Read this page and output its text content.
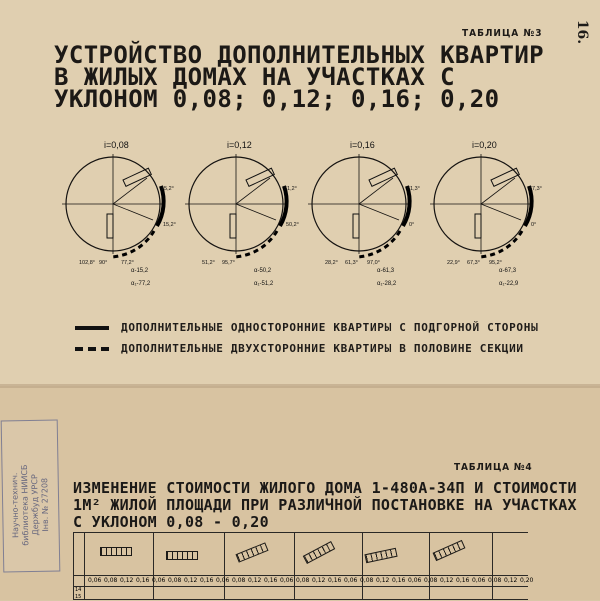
ТАБЛИЦА №3 16.
УСТРОЙСТВО ДОПОЛНИТЕЛЬНЫХ КВАРТИР В ЖИЛЫХ ДОМАХ НА УЧАСТКАХ С УКЛОНОМ 0,08; 0,12; 0,16; 0,20
i=0,08
α-15,2
α₁-77,2
15,2°
15,2°
102,8° 90° 77,2°
i=0,12
α-50,2
α₁-51,2
51,2°
50,2°
51,2° 95,7°
i=0,16
α-61,3
α₁-28,2
61,3°
0°
28,2° 61,3° 97,0°
i=0,20
α-67,3
α₁-22,9
67,3°
0°
22,9° 67,3° 95,2°
ДОПОЛНИТЕЛЬНЫЕ ОДНОСТОРОННИЕ КВАРТИРЫ С ПОДГОРНОЙ СТОРОНЫ
ДОПОЛНИТЕЛЬНЫЕ ДВУХСТОРОННИЕ КВАРТИРЫ В ПОЛОВИНЕ СЕКЦИИ
Научно-технич. библиотека НИИСБ Держбуд УРСР Інв. № 27208
ТАБЛИЦА №4
ИЗМЕНЕНИЕ СТОИМОСТИ ЖИЛОГО ДОМА 1-480А-34П И СТОИМОСТИ 1М² ЖИЛОЙ ПЛОЩАДИ ПРИ РАЗЛИЧНОЙ ПОСТАНОВКЕ НА УЧАСТКАХ С УКЛОНОМ 0,08 - 0,20
0,06 0,08 0,12 0,16 0,06 0,08 0,12 0,16 0,06 0,08 0,12 0,16 0,06 0,08 0,12 0,16 0,06 0,08 0,12 0,16 0,06 0,08 0,12 0,16 0,06 0,08 0,12 0,20
14
15
